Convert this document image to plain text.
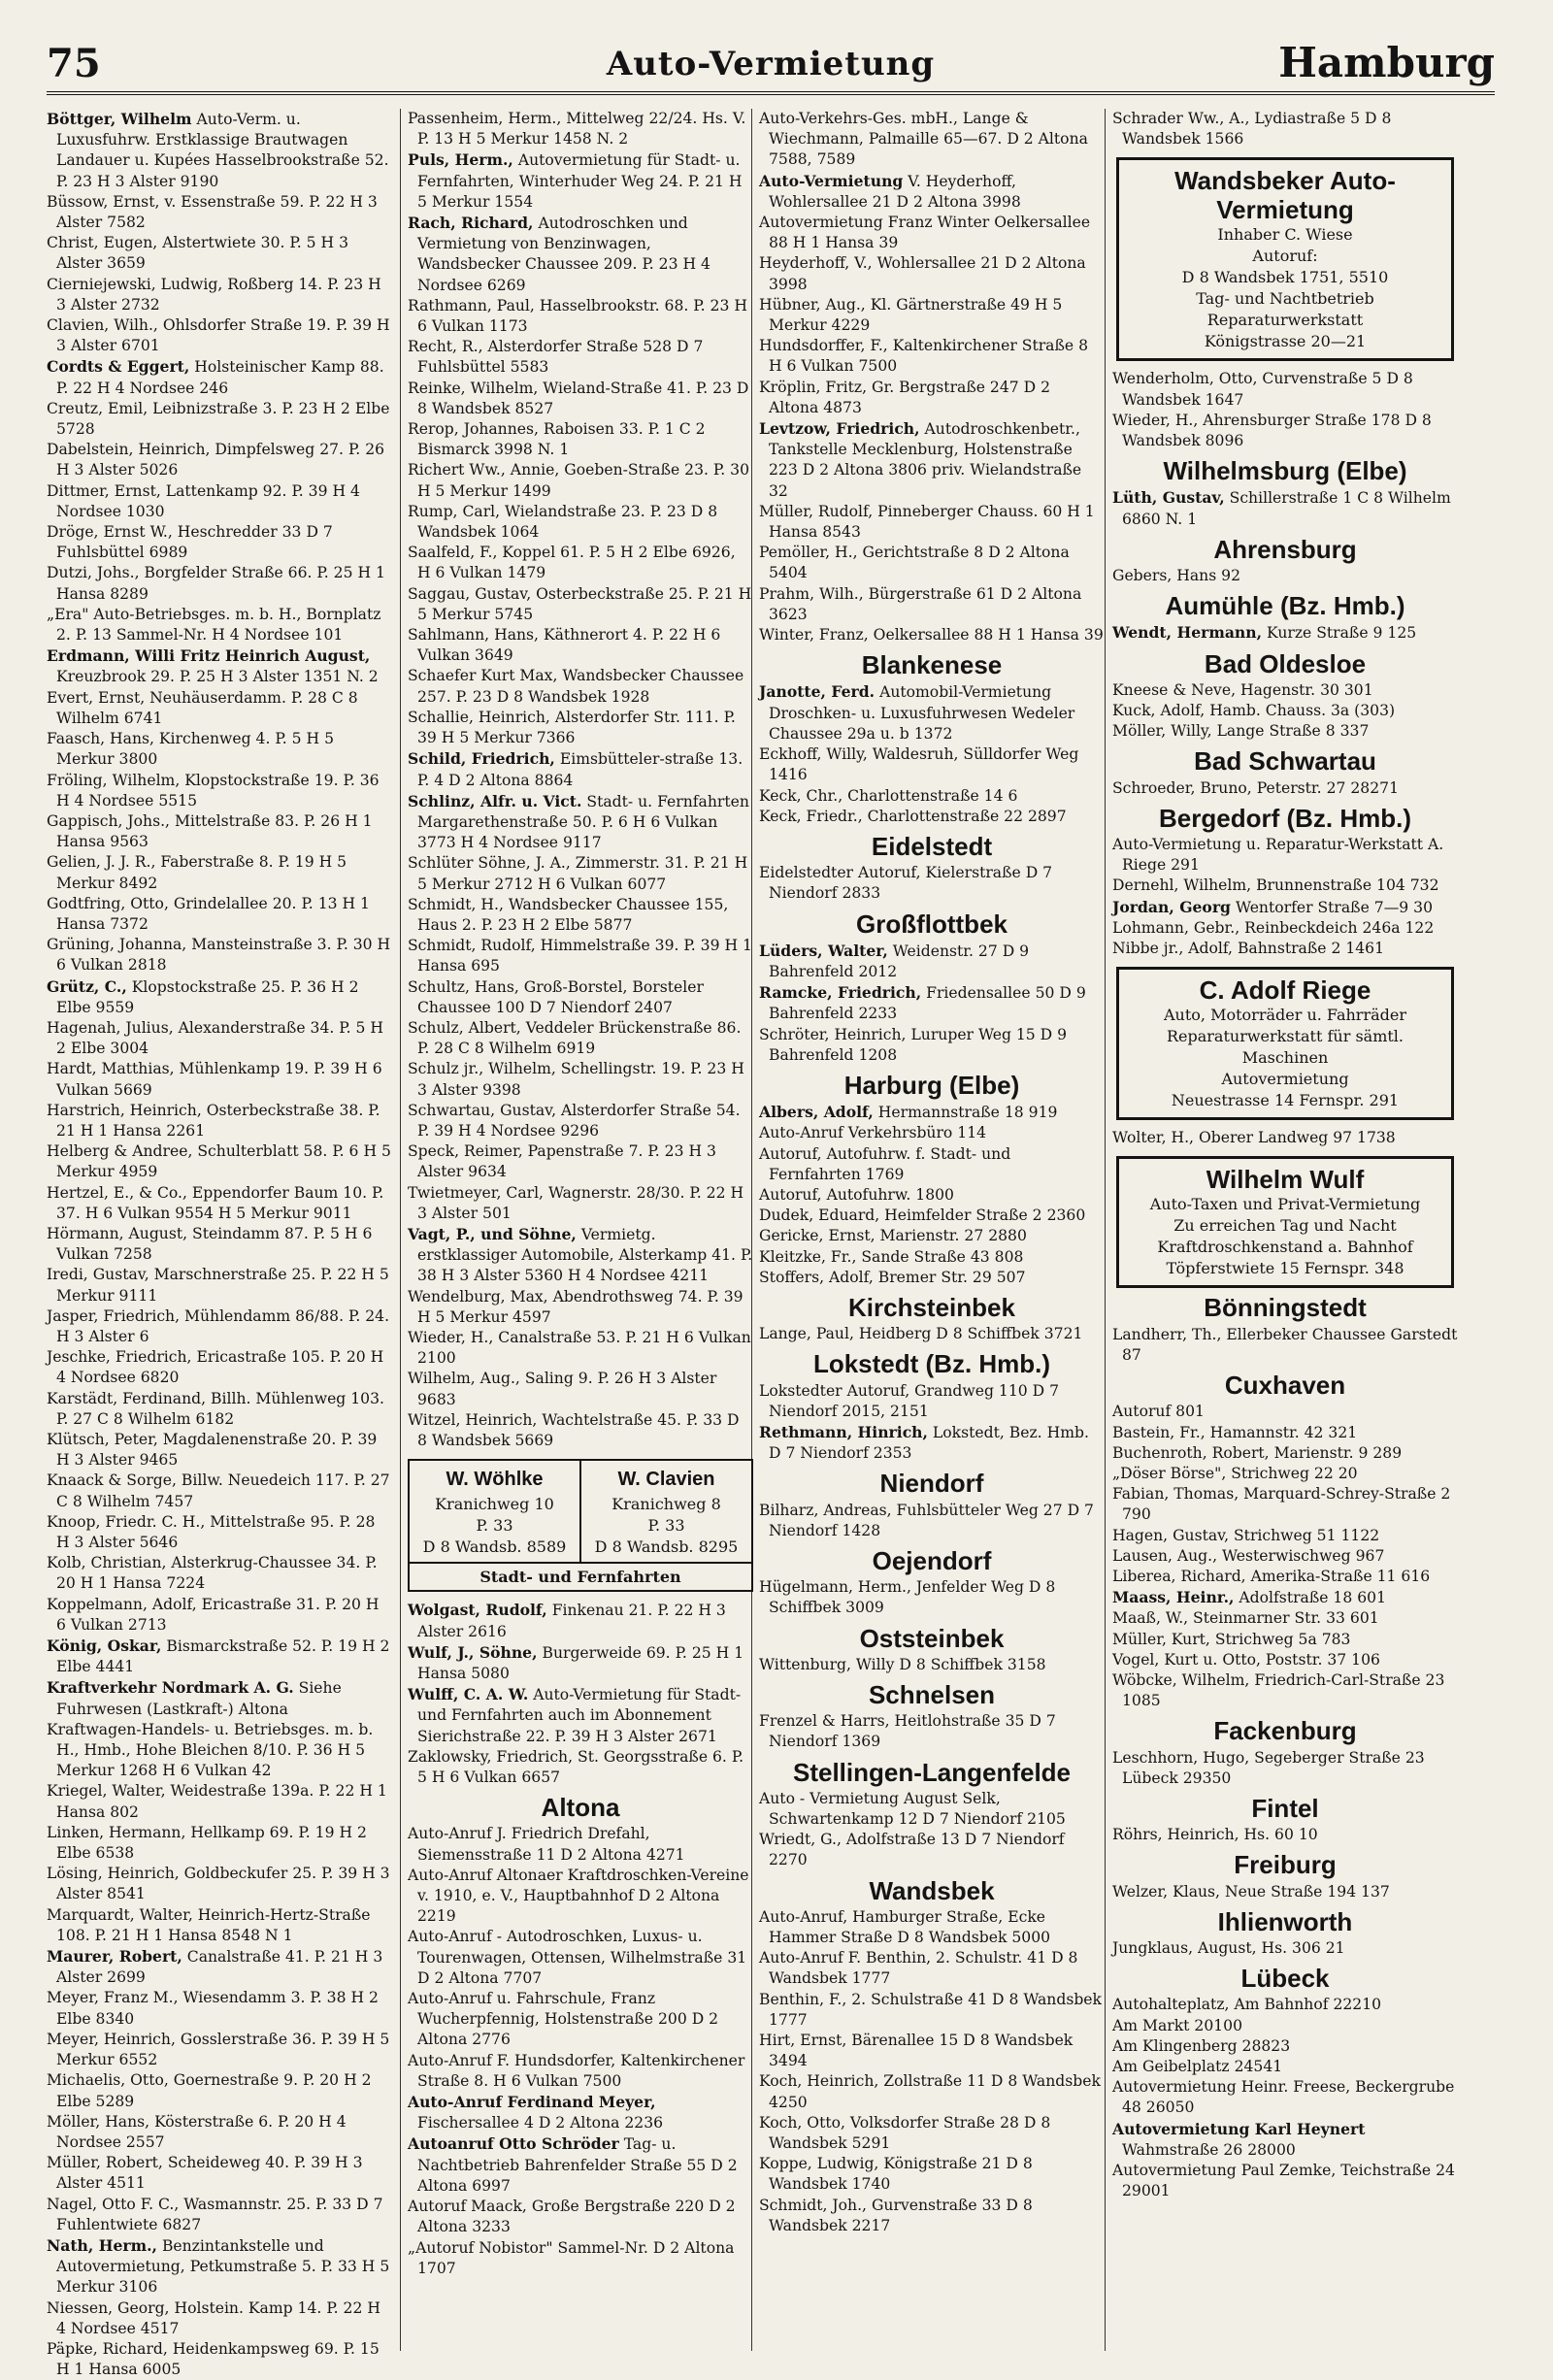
75	Auto-Vermietung	Hamburg
Böttger, Wilhelm Auto-Verm. u. Luxusfuhrw. Erstklassige Brautwagen Landauer u. Kupées Hasselbrookstraße 52. P. 23 H 3 Alster 9190
Büssow, Ernst, v. Essenstraße 59. P. 22 H 3 Alster 7582
Christ, Eugen, Alstertwiete 30. P. 5 H 3 Alster 3659
Cierniejewski, Ludwig, Roßberg 14. P. 23 H 3 Alster 2732
Clavien, Wilh., Ohlsdorfer Straße 19. P. 39 H 3 Alster 6701
Cordts & Eggert, Holsteinischer Kamp 88. P. 22 H 4 Nordsee 246
Creutz, Emil, Leibnizstraße 3. P. 23 H 2 Elbe 5728
Dabelstein, Heinrich, Dimpfelsweg 27. P. 26 H 3 Alster 5026
Dittmer, Ernst, Lattenkamp 92. P. 39 H 4 Nordsee 1030
Dröge, Ernst W., Heschredder 33 D 7 Fuhlsbüttel 6989
Dutzi, Johs., Borgfelder Straße 66. P. 25 H 1 Hansa 8289
„Era" Auto-Betriebsges. m. b. H., Bornplatz 2. P. 13 Sammel-Nr. H 4 Nordsee 101
Erdmann, Willi Fritz Heinrich August, Kreuzbrook 29. P. 25 H 3 Alster 1351 N. 2
Evert, Ernst, Neuhäuserdamm. P. 28 C 8 Wilhelm 6741
Faasch, Hans, Kirchenweg 4. P. 5 H 5 Merkur 3800
Fröling, Wilhelm, Klopstockstraße 19. P. 36 H 4 Nordsee 5515
Gappisch, Johs., Mittelstraße 83. P. 26 H 1 Hansa 9563
Gelien, J. J. R., Faberstraße 8. P. 19 H 5 Merkur 8492
Godtfring, Otto, Grindelallee 20. P. 13 H 1 Hansa 7372
Grüning, Johanna, Mansteinstraße 3. P. 30 H 6 Vulkan 2818
Grütz, C., Klopstockstraße 25. P. 36 H 2 Elbe 9559
Hagenah, Julius, Alexanderstraße 34. P. 5 H 2 Elbe 3004
Hardt, Matthias, Mühlenkamp 19. P. 39 H 6 Vulkan 5669
Harstrich, Heinrich, Osterbeckstraße 38. P. 21 H 1 Hansa 2261
Helberg & Andree, Schulterblatt 58. P. 6 H 5 Merkur 4959
Hertzel, E., & Co., Eppendorfer Baum 10. P. 37. H 6 Vulkan 9554 H 5 Merkur 9011
Hörmann, August, Steindamm 87. P. 5 H 6 Vulkan 7258
Iredi, Gustav, Marschnerstraße 25. P. 22 H 5 Merkur 9111
Jasper, Friedrich, Mühlendamm 86/88. P. 24. H 3 Alster 6
Jeschke, Friedrich, Ericastraße 105. P. 20 H 4 Nordsee 6820
Karstädt, Ferdinand, Billh. Mühlenweg 103. P. 27 C 8 Wilhelm 6182
Klütsch, Peter, Magdalenenstraße 20. P. 39 H 3 Alster 9465
Knaack & Sorge, Billw. Neuedeich 117. P. 27 C 8 Wilhelm 7457
Knoop, Friedr. C. H., Mittelstraße 95. P. 28 H 3 Alster 5646
Kolb, Christian, Alsterkrug-Chaussee 34. P. 20 H 1 Hansa 7224
Koppelmann, Adolf, Ericastraße 31. P. 20 H 6 Vulkan 2713
König, Oskar, Bismarckstraße 52. P. 19 H 2 Elbe 4441
Kraftverkehr Nordmark A. G. Siehe Fuhrwesen (Lastkraft-) Altona
Kraftwagen-Handels- u. Betriebsges. m. b. H., Hmb., Hohe Bleichen 8/10. P. 36 H 5 Merkur 1268 H 6 Vulkan 42
Kriegel, Walter, Weidestraße 139a. P. 22 H 1 Hansa 802
Linken, Hermann, Hellkamp 69. P. 19 H 2 Elbe 6538
Lösing, Heinrich, Goldbeckufer 25. P. 39 H 3 Alster 8541
Marquardt, Walter, Heinrich-Hertz-Straße 108. P. 21 H 1 Hansa 8548 N 1
Maurer, Robert, Canalstraße 41. P. 21 H 3 Alster 2699
Meyer, Franz M., Wiesendamm 3. P. 38 H 2 Elbe 8340
Meyer, Heinrich, Gosslerstraße 36. P. 39 H 5 Merkur 6552
Michaelis, Otto, Goernestraße 9. P. 20 H 2 Elbe 5289
Möller, Hans, Kösterstraße 6. P. 20 H 4 Nordsee 2557
Müller, Robert, Scheideweg 40. P. 39 H 3 Alster 4511
Nagel, Otto F. C., Wasmannstr. 25. P. 33 D 7 Fuhlentwiete 6827
Nath, Herm., Benzintankstelle und Autovermietung, Petkumstraße 5. P. 33 H 5 Merkur 3106
Niessen, Georg, Holstein. Kamp 14. P. 22 H 4 Nordsee 4517
Päpke, Richard, Heidenkampsweg 69. P. 15 H 1 Hansa 6005
Passenheim, Herm., Mittelweg 22/24. Hs. V. P. 13 H 5 Merkur 1458 N. 2
Puls, Herm., Autovermietung für Stadt- u. Fernfahrten, Winterhuder Weg 24. P. 21 H 5 Merkur 1554
Rach, Richard, Autodroschken und Vermietung von Benzinwagen, Wandsbecker Chaussee 209. P. 23 H 4 Nordsee 6269
Rathmann, Paul, Hasselbrookstr. 68. P. 23 H 6 Vulkan 1173
Recht, R., Alsterdorfer Straße 528 D 7 Fuhlsbüttel 5583
Reinke, Wilhelm, Wieland-Straße 41. P. 23 D 8 Wandsbek 8527
Rerop, Johannes, Raboisen 33. P. 1 C 2 Bismarck 3998 N. 1
Richert Ww., Annie, Goeben-Straße 23. P. 30 H 5 Merkur 1499
Rump, Carl, Wielandstraße 23. P. 23 D 8 Wandsbek 1064
Saalfeld, F., Koppel 61. P. 5 H 2 Elbe 6926, H 6 Vulkan 1479
Saggau, Gustav, Osterbeckstraße 25. P. 21 H 5 Merkur 5745
Sahlmann, Hans, Käthnerort 4. P. 22 H 6 Vulkan 3649
Schaefer Kurt Max, Wandsbecker Chaussee 257. P. 23 D 8 Wandsbek 1928
Schallie, Heinrich, Alsterdorfer Str. 111. P. 39 H 5 Merkur 7366
Schild, Friedrich, Eimsbütteler-straße 13. P. 4 D 2 Altona 8864
Schlinz, Alfr. u. Vict. Stadt- u. Fernfahrten Margarethenstraße 50. P. 6 H 6 Vulkan 3773 H 4 Nordsee 9117
Schlüter Söhne, J. A., Zimmerstr. 31. P. 21 H 5 Merkur 2712 H 6 Vulkan 6077
Schmidt, H., Wandsbecker Chaussee 155, Haus 2. P. 23 H 2 Elbe 5877
Schmidt, Rudolf, Himmelstraße 39. P. 39 H 1 Hansa 695
Schultz, Hans, Groß-Borstel, Borsteler Chaussee 100 D 7 Niendorf 2407
Schulz, Albert, Veddeler Brückenstraße 86. P. 28 C 8 Wilhelm 6919
Schulz jr., Wilhelm, Schellingstr. 19. P. 23 H 3 Alster 9398
Schwartau, Gustav, Alsterdorfer Straße 54. P. 39 H 4 Nordsee 9296
Speck, Reimer, Papenstraße 7. P. 23 H 3 Alster 9634
Twietmeyer, Carl, Wagnerstr. 28/30. P. 22 H 3 Alster 501
Vagt, P., und Söhne, Vermietg. erstklassiger Automobile, Alsterkamp 41. P. 38 H 3 Alster 5360 H 4 Nordsee 4211
Wendelburg, Max, Abendrothsweg 74. P. 39 H 5 Merkur 4597
Wieder, H., Canalstraße 53. P. 21 H 6 Vulkan 2100
Wilhelm, Aug., Saling 9. P. 26 H 3 Alster 9683
Witzel, Heinrich, Wachtelstraße 45. P. 33 D 8 Wandsbek 5669
W. Wöhlke
Kranichweg 10
P. 33
D 8 Wandsb. 8589
W. Clavien
Kranichweg 8
P. 33
D 8 Wandsb. 8295
Stadt- und Fernfahrten
Wolgast, Rudolf, Finkenau 21. P. 22 H 3 Alster 2616
Wulf, J., Söhne, Burgerweide 69. P. 25 H 1 Hansa 5080
Wulff, C. A. W. Auto-Vermietung für Stadt- und Fernfahrten auch im Abonnement Sierichstraße 22. P. 39 H 3 Alster 2671
Zaklowsky, Friedrich, St. Georgsstraße 6. P. 5 H 6 Vulkan 6657
Altona
Auto-Anruf J. Friedrich Drefahl, Siemensstraße 11 D 2 Altona 4271
Auto-Anruf Altonaer Kraftdroschken-Vereine v. 1910, e. V., Hauptbahnhof D 2 Altona 2219
Auto-Anruf - Autodroschken, Luxus- u. Tourenwagen, Ottensen, Wilhelmstraße 31 D 2 Altona 7707
Auto-Anruf u. Fahrschule, Franz Wucherpfennig, Holstenstraße 200 D 2 Altona 2776
Auto-Anruf F. Hundsdorfer, Kaltenkirchener Straße 8. H 6 Vulkan 7500
Auto-Anruf Ferdinand Meyer, Fischersallee 4 D 2 Altona 2236
Autoanruf Otto Schröder Tag- u. Nachtbetrieb Bahrenfelder Straße 55 D 2 Altona 6997
Autoruf Maack, Große Bergstraße 220 D 2 Altona 3233
„Autoruf Nobistor" Sammel-Nr. D 2 Altona 1707
Auto-Verkehrs-Ges. mbH., Lange & Wiechmann, Palmaille 65—67. D 2 Altona 7588, 7589
Auto-Vermietung V. Heyderhoff, Wohlersallee 21 D 2 Altona 3998
Autovermietung Franz Winter Oelkersallee 88 H 1 Hansa 39
Heyderhoff, V., Wohlersallee 21 D 2 Altona 3998
Hübner, Aug., Kl. Gärtnerstraße 49 H 5 Merkur 4229
Hundsdorffer, F., Kaltenkirchener Straße 8 H 6 Vulkan 7500
Kröplin, Fritz, Gr. Bergstraße 247 D 2 Altona 4873
Levtzow, Friedrich, Autodroschkenbetr., Tankstelle Mecklenburg, Holstenstraße 223 D 2 Altona 3806 priv. Wielandstraße 32
Müller, Rudolf, Pinneberger Chauss. 60 H 1 Hansa 8543
Pemöller, H., Gerichtstraße 8 D 2 Altona 5404
Prahm, Wilh., Bürgerstraße 61 D 2 Altona 3623
Winter, Franz, Oelkersallee 88 H 1 Hansa 39
Blankenese
Janotte, Ferd. Automobil-Vermietung Droschken- u. Luxusfuhrwesen Wedeler Chaussee 29a u. b 1372
Eckhoff, Willy, Waldesruh, Sülldorfer Weg 1416
Keck, Chr., Charlottenstraße 14 6
Keck, Friedr., Charlottenstraße 22 2897
Eidelstedt
Eidelstedter Autoruf, Kielerstraße D 7 Niendorf 2833
Großflottbek
Lüders, Walter, Weidenstr. 27 D 9 Bahrenfeld 2012
Ramcke, Friedrich, Friedensallee 50 D 9 Bahrenfeld 2233
Schröter, Heinrich, Luruper Weg 15 D 9 Bahrenfeld 1208
Harburg (Elbe)
Albers, Adolf, Hermannstraße 18 919
Auto-Anruf Verkehrsbüro 114
Autoruf, Autofuhrw. f. Stadt- und Fernfahrten 1769
Autoruf, Autofuhrw. 1800
Dudek, Eduard, Heimfelder Straße 2 2360
Gericke, Ernst, Marienstr. 27 2880
Kleitzke, Fr., Sande Straße 43 808
Stoffers, Adolf, Bremer Str. 29 507
Kirchsteinbek
Lange, Paul, Heidberg D 8 Schiffbek 3721
Lokstedt (Bz. Hmb.)
Lokstedter Autoruf, Grandweg 110 D 7 Niendorf 2015, 2151
Rethmann, Hinrich, Lokstedt, Bez. Hmb. D 7 Niendorf 2353
Niendorf
Bilharz, Andreas, Fuhlsbütteler Weg 27 D 7 Niendorf 1428
Oejendorf
Hügelmann, Herm., Jenfelder Weg D 8 Schiffbek 3009
Oststeinbek
Wittenburg, Willy D 8 Schiffbek 3158
Schnelsen
Frenzel & Harrs, Heitlohstraße 35 D 7 Niendorf 1369
Stellingen-Langenfelde
Auto - Vermietung August Selk, Schwartenkamp 12 D 7 Niendorf 2105
Wriedt, G., Adolfstraße 13 D 7 Niendorf 2270
Wandsbek
Auto-Anruf, Hamburger Straße, Ecke Hammer Straße D 8 Wandsbek 5000
Auto-Anruf F. Benthin, 2. Schulstr. 41 D 8 Wandsbek 1777
Benthin, F., 2. Schulstraße 41 D 8 Wandsbek 1777
Hirt, Ernst, Bärenallee 15 D 8 Wandsbek 3494
Koch, Heinrich, Zollstraße 11 D 8 Wandsbek 4250
Koch, Otto, Volksdorfer Straße 28 D 8 Wandsbek 5291
Koppe, Ludwig, Königstraße 21 D 8 Wandsbek 1740
Schmidt, Joh., Gurvenstraße 33 D 8 Wandsbek 2217
Schrader Ww., A., Lydiastraße 5 D 8 Wandsbek 1566
Wandsbeker Auto-Vermietung
Inhaber C. Wiese
Autoruf:
D 8 Wandsbek 1751, 5510
Tag- und Nachtbetrieb
Reparaturwerkstatt
Königstrasse 20—21
Wenderholm, Otto, Curvenstraße 5 D 8 Wandsbek 1647
Wieder, H., Ahrensburger Straße 178 D 8 Wandsbek 8096
Wilhelmsburg (Elbe)
Lüth, Gustav, Schillerstraße 1 C 8 Wilhelm 6860 N. 1
Ahrensburg
Gebers, Hans 92
Aumühle (Bz. Hmb.)
Wendt, Hermann, Kurze Straße 9 125
Bad Oldesloe
Kneese & Neve, Hagenstr. 30 301
Kuck, Adolf, Hamb. Chauss. 3a (303)
Möller, Willy, Lange Straße 8 337
Bad Schwartau
Schroeder, Bruno, Peterstr. 27 28271
Bergedorf (Bz. Hmb.)
Auto-Vermietung u. Reparatur-Werkstatt A. Riege 291
Dernehl, Wilhelm, Brunnenstraße 104 732
Jordan, Georg Wentorfer Straße 7—9 30
Lohmann, Gebr., Reinbeckdeich 246a 122
Nibbe jr., Adolf, Bahnstraße 2 1461
C. Adolf Riege
Auto, Motorräder u. Fahrräder
Reparaturwerkstatt für sämtl. Maschinen
Autovermietung
Neuestrasse 14 Fernspr. 291
Wolter, H., Oberer Landweg 97 1738
Wilhelm Wulf
Auto-Taxen und Privat-Vermietung
Zu erreichen Tag und Nacht
Kraftdroschkenstand a. Bahnhof
Töpferstwiete 15 Fernspr. 348
Bönningstedt
Landherr, Th., Ellerbeker Chaussee Garstedt 87
Cuxhaven
Autoruf 801
Bastein, Fr., Hamannstr. 42 321
Buchenroth, Robert, Marienstr. 9 289
„Döser Börse", Strichweg 22 20
Fabian, Thomas, Marquard-Schrey-Straße 2 790
Hagen, Gustav, Strichweg 51 1122
Lausen, Aug., Westerwischweg 967
Liberea, Richard, Amerika-Straße 11 616
Maass, Heinr., Adolfstraße 18 601
Maaß, W., Steinmarner Str. 33 601
Müller, Kurt, Strichweg 5a 783
Vogel, Kurt u. Otto, Poststr. 37 106
Wöbcke, Wilhelm, Friedrich-Carl-Straße 23 1085
Fackenburg
Leschhorn, Hugo, Segeberger Straße 23 Lübeck 29350
Fintel
Röhrs, Heinrich, Hs. 60 10
Freiburg
Welzer, Klaus, Neue Straße 194 137
Ihlienworth
Jungklaus, August, Hs. 306 21
Lübeck
Autohalteplatz, Am Bahnhof 22210
Am Markt 20100
Am Klingenberg 28823
Am Geibelplatz 24541
Autovermietung Heinr. Freese, Beckergrube 48 26050
Autovermietung Karl Heynert Wahmstraße 26 28000
Autovermietung Paul Zemke, Teichstraße 24 29001
